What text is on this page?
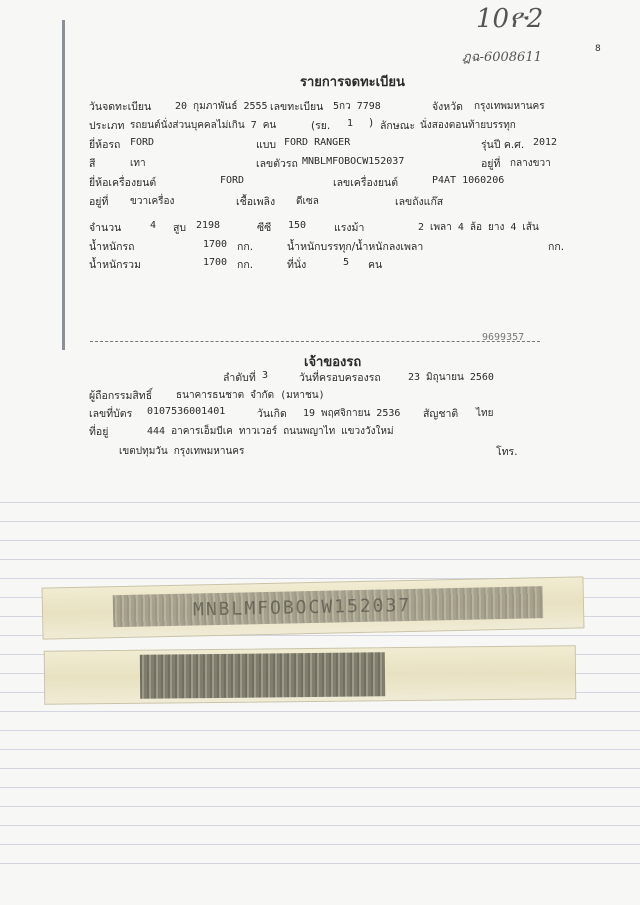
10ዮ2
ฎฉ-6008611
8
รายการจดทะเบียน
วันจดทะเบียน 20 กุมภาพันธ์ 2555 เลขทะเบียน 5กว 7798	จังหวัด กรุงเทพมหานคร
ประเภท รถยนต์นั่งส่วนบุคคลไม่เกิน 7 คน	(รย. 1 ) ลักษณะ นั่งสองตอนท้ายบรรทุก
ยี่ห้อรถ FORD	แบบ FORD RANGER	รุ่นปี ค.ศ. 2012
สี	เทา	เลขตัวรถ MNBLMFOBOCW152037	อยู่ที่ กลางขวา
ยี่ห้อเครื่องยนต์	FORD	เลขเครื่องยนต์	P4AT 1060206
อยู่ที่ ขวาเครื่อง	เชื้อเพลิง ดีเซล	เลขถังแก๊ส
จำนวน	4 สูบ 2198	ซีซี 150	แรงม้า	2 เพลา 4 ล้อ ยาง 4 เส้น
น้ำหนักรถ	1700 กก.	น้ำหนักบรรทุก/น้ำหนักลงเพลา	กก.
น้ำหนักรวม	1700 กก.	ที่นั่ง	5 คน
9699357
เจ้าของรถ
ลำดับที่ 3	วันที่ครอบครองรถ	23 มิถุนายน 2560
ผู้ถือกรรมสิทธิ์ ธนาคารธนชาต จำกัด (มหาชน)
เลขที่บัตร 0107536001401	วันเกิด 19 พฤศจิกายน 2536 สัญชาติ ไทย
ที่อยู่	444 อาคารเอ็มบีเค ทาวเวอร์ ถนนพญาไท แขวงวังใหม่
เขตปทุมวัน กรุงเทพมหานคร	โทร.
MNBLMFOBOCW152037
